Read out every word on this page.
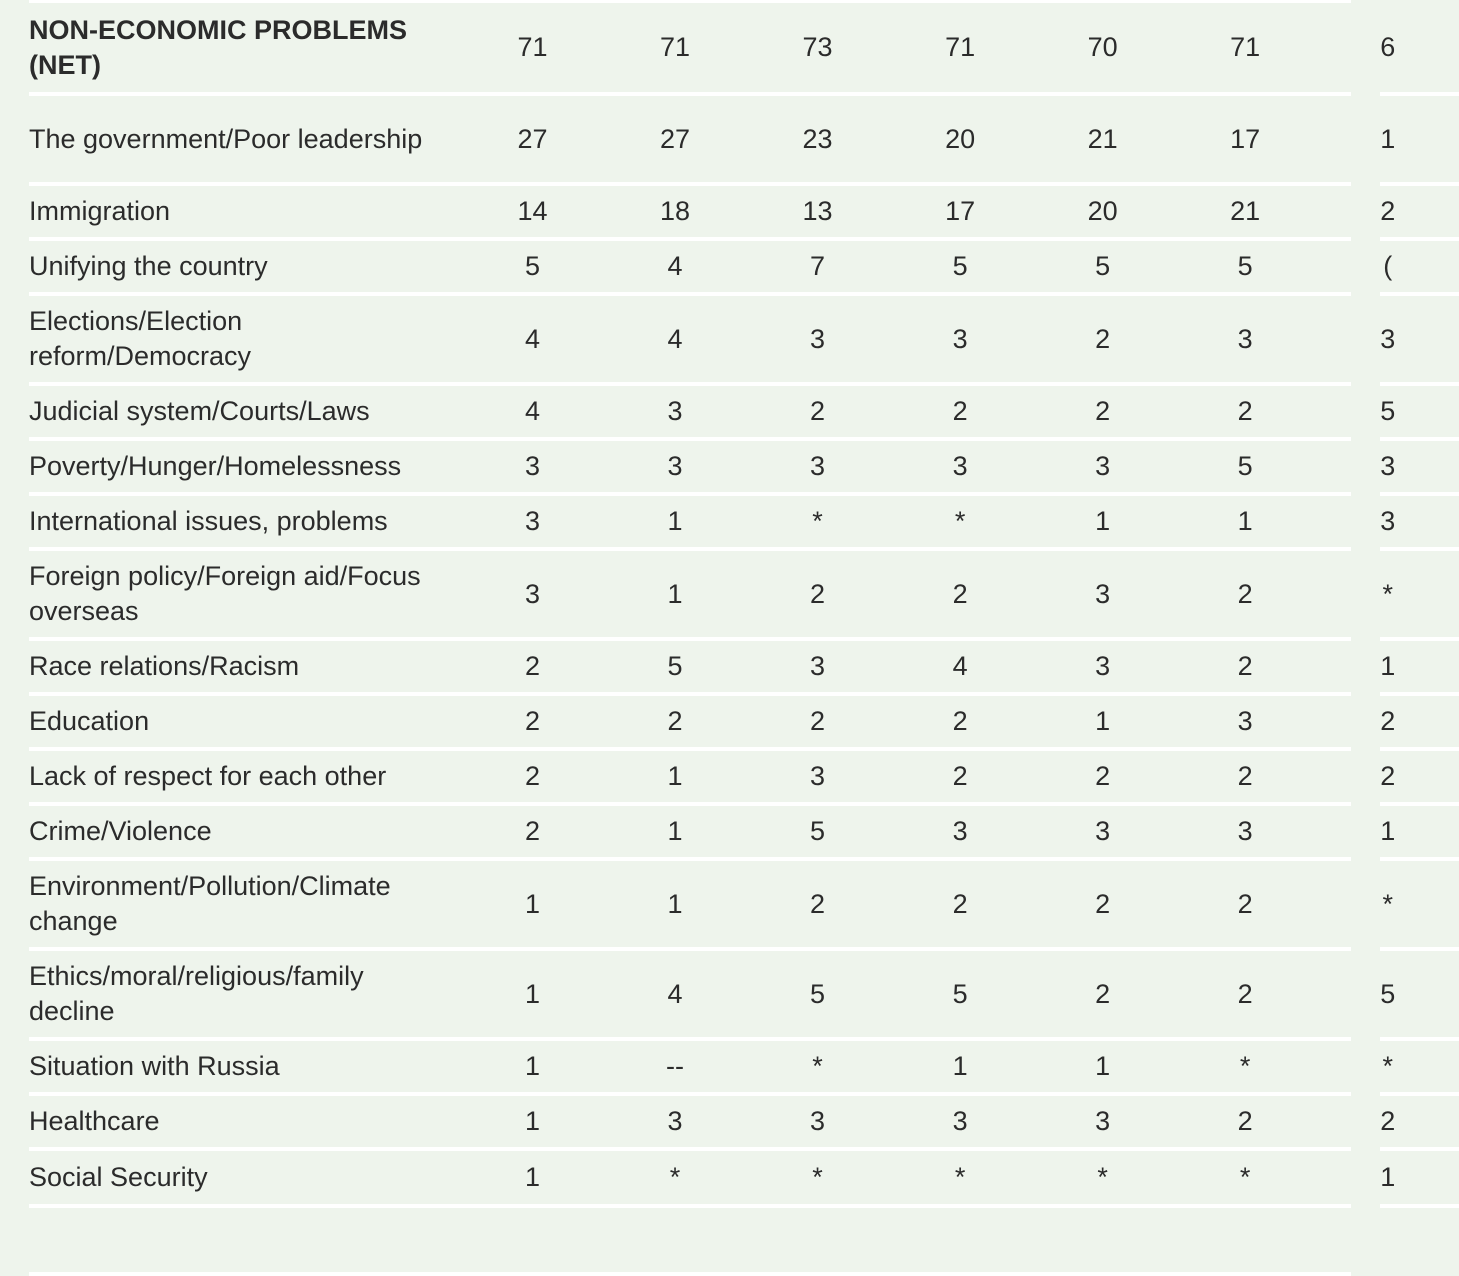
NON-ECONOMIC PROBLEMS (NET)	71	71	73	71	70	71	6
The government/Poor leadership	27	27	23	20	21	17	1
Immigration	14	18	13	17	20	21	2
Unifying the country	5	4	7	5	5	5	(
Elections/Election reform/Democracy	4	4	3	3	2	3	3
Judicial system/Courts/Laws	4	3	2	2	2	2	5
Poverty/Hunger/Homelessness	3	3	3	3	3	5	3
International issues, problems	3	1	*	*	1	1	3
Foreign policy/Foreign aid/Focus overseas	3	1	2	2	3	2	*
Race relations/Racism	2	5	3	4	3	2	1
Education	2	2	2	2	1	3	2
Lack of respect for each other	2	1	3	2	2	2	2
Crime/Violence	2	1	5	3	3	3	1
Environment/Pollution/Climate change	1	1	2	2	2	2	*
Ethics/moral/religious/family decline	1	4	5	5	2	2	5
Situation with Russia	1	--	*	1	1	*	*
Healthcare	1	3	3	3	3	2	2
Social Security	1	*	*	*	*	*	1
